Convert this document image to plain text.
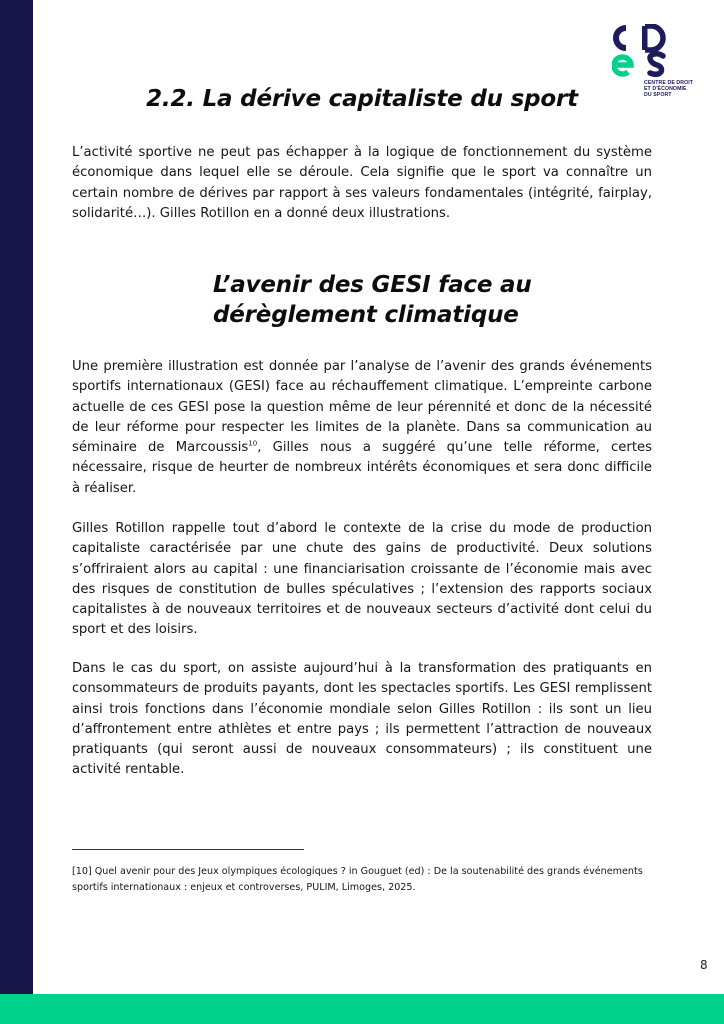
CENTRE DE DROIT
ET D'ÉCONOMIE
DU SPORT
2.2. La dérive capitaliste du sport

L’activité sportive ne peut pas échapper à la logique de fonctionnement du système économique dans lequel elle se déroule. Cela signifie que le sport va connaître un certain nombre de dérives par rapport à ses valeurs fondamentales (intégrité, fairplay, solidarité…). Gilles Rotillon en a donné deux illustrations.

L’avenir des GESI face au
dérèglement climatique

Une première illustration est donnée par l’analyse de l’avenir des grands événements sportifs internationaux (GESI) face au réchauffement climatique. L’empreinte carbone actuelle de ces GESI pose la question même de leur pérennité et donc de la nécessité de leur réforme pour respecter les limites de la planète. Dans sa communication au séminaire de Marcoussis$^{10}$, Gilles nous a suggéré qu’une telle réforme, certes nécessaire, risque de heurter de nombreux intérêts économiques et sera donc difficile à réaliser.

Gilles Rotillon rappelle tout d’abord le contexte de la crise du mode de production capitaliste caractérisée par une chute des gains de productivité. Deux solutions s’offriraient alors au capital : une financiarisation croissante de l’économie mais avec des risques de constitution de bulles spéculatives ; l’extension des rapports sociaux capitalistes à de nouveaux territoires et de nouveaux secteurs d’activité dont celui du sport et des loisirs.

Dans le cas du sport, on assiste aujourd’hui à la transformation des pratiquants en consommateurs de produits payants, dont les spectacles sportifs. Les GESI remplissent ainsi trois fonctions dans l’économie mondiale selon Gilles Rotillon : ils sont un lieu d’affrontement entre athlètes et entre pays ; ils permettent l’attraction de nouveaux pratiquants (qui seront aussi de nouveaux consommateurs) ; ils constituent une activité rentable.

[10] Quel avenir pour des Jeux olympiques écologiques ? in Gouguet (ed) : De la soutenabilité des grands événements sportifs internationaux : enjeux et controverses, PULIM, Limoges, 2025.

8
